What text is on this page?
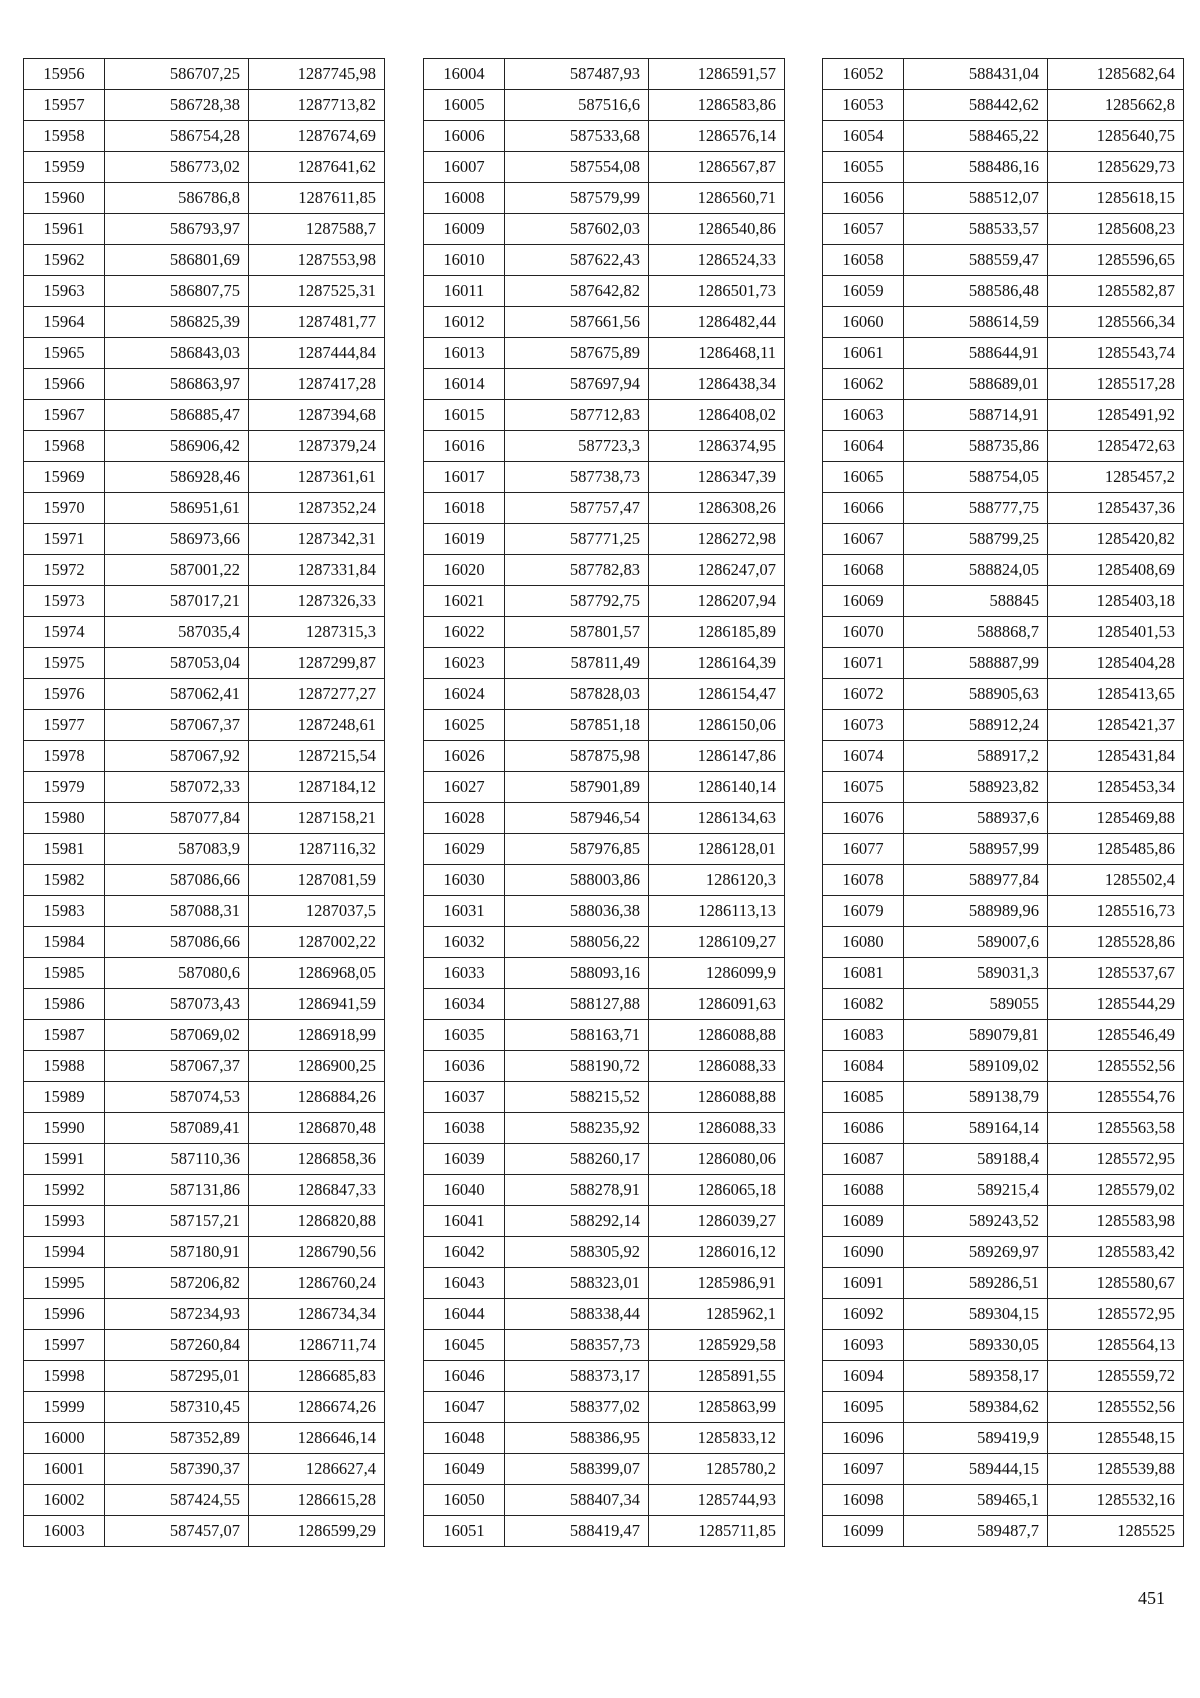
15956	586707,25	1287745,98
15957	586728,38	1287713,82
15958	586754,28	1287674,69
15959	586773,02	1287641,62
15960	586786,8	1287611,85
15961	586793,97	1287588,7
15962	586801,69	1287553,98
15963	586807,75	1287525,31
15964	586825,39	1287481,77
15965	586843,03	1287444,84
15966	586863,97	1287417,28
15967	586885,47	1287394,68
15968	586906,42	1287379,24
15969	586928,46	1287361,61
15970	586951,61	1287352,24
15971	586973,66	1287342,31
15972	587001,22	1287331,84
15973	587017,21	1287326,33
15974	587035,4	1287315,3
15975	587053,04	1287299,87
15976	587062,41	1287277,27
15977	587067,37	1287248,61
15978	587067,92	1287215,54
15979	587072,33	1287184,12
15980	587077,84	1287158,21
15981	587083,9	1287116,32
15982	587086,66	1287081,59
15983	587088,31	1287037,5
15984	587086,66	1287002,22
15985	587080,6	1286968,05
15986	587073,43	1286941,59
15987	587069,02	1286918,99
15988	587067,37	1286900,25
15989	587074,53	1286884,26
15990	587089,41	1286870,48
15991	587110,36	1286858,36
15992	587131,86	1286847,33
15993	587157,21	1286820,88
15994	587180,91	1286790,56
15995	587206,82	1286760,24
15996	587234,93	1286734,34
15997	587260,84	1286711,74
15998	587295,01	1286685,83
15999	587310,45	1286674,26
16000	587352,89	1286646,14
16001	587390,37	1286627,4
16002	587424,55	1286615,28
16003	587457,07	1286599,29
16004	587487,93	1286591,57
16005	587516,6	1286583,86
16006	587533,68	1286576,14
16007	587554,08	1286567,87
16008	587579,99	1286560,71
16009	587602,03	1286540,86
16010	587622,43	1286524,33
16011	587642,82	1286501,73
16012	587661,56	1286482,44
16013	587675,89	1286468,11
16014	587697,94	1286438,34
16015	587712,83	1286408,02
16016	587723,3	1286374,95
16017	587738,73	1286347,39
16018	587757,47	1286308,26
16019	587771,25	1286272,98
16020	587782,83	1286247,07
16021	587792,75	1286207,94
16022	587801,57	1286185,89
16023	587811,49	1286164,39
16024	587828,03	1286154,47
16025	587851,18	1286150,06
16026	587875,98	1286147,86
16027	587901,89	1286140,14
16028	587946,54	1286134,63
16029	587976,85	1286128,01
16030	588003,86	1286120,3
16031	588036,38	1286113,13
16032	588056,22	1286109,27
16033	588093,16	1286099,9
16034	588127,88	1286091,63
16035	588163,71	1286088,88
16036	588190,72	1286088,33
16037	588215,52	1286088,88
16038	588235,92	1286088,33
16039	588260,17	1286080,06
16040	588278,91	1286065,18
16041	588292,14	1286039,27
16042	588305,92	1286016,12
16043	588323,01	1285986,91
16044	588338,44	1285962,1
16045	588357,73	1285929,58
16046	588373,17	1285891,55
16047	588377,02	1285863,99
16048	588386,95	1285833,12
16049	588399,07	1285780,2
16050	588407,34	1285744,93
16051	588419,47	1285711,85
16052	588431,04	1285682,64
16053	588442,62	1285662,8
16054	588465,22	1285640,75
16055	588486,16	1285629,73
16056	588512,07	1285618,15
16057	588533,57	1285608,23
16058	588559,47	1285596,65
16059	588586,48	1285582,87
16060	588614,59	1285566,34
16061	588644,91	1285543,74
16062	588689,01	1285517,28
16063	588714,91	1285491,92
16064	588735,86	1285472,63
16065	588754,05	1285457,2
16066	588777,75	1285437,36
16067	588799,25	1285420,82
16068	588824,05	1285408,69
16069	588845	1285403,18
16070	588868,7	1285401,53
16071	588887,99	1285404,28
16072	588905,63	1285413,65
16073	588912,24	1285421,37
16074	588917,2	1285431,84
16075	588923,82	1285453,34
16076	588937,6	1285469,88
16077	588957,99	1285485,86
16078	588977,84	1285502,4
16079	588989,96	1285516,73
16080	589007,6	1285528,86
16081	589031,3	1285537,67
16082	589055	1285544,29
16083	589079,81	1285546,49
16084	589109,02	1285552,56
16085	589138,79	1285554,76
16086	589164,14	1285563,58
16087	589188,4	1285572,95
16088	589215,4	1285579,02
16089	589243,52	1285583,98
16090	589269,97	1285583,42
16091	589286,51	1285580,67
16092	589304,15	1285572,95
16093	589330,05	1285564,13
16094	589358,17	1285559,72
16095	589384,62	1285552,56
16096	589419,9	1285548,15
16097	589444,15	1285539,88
16098	589465,1	1285532,16
16099	589487,7	1285525
451
